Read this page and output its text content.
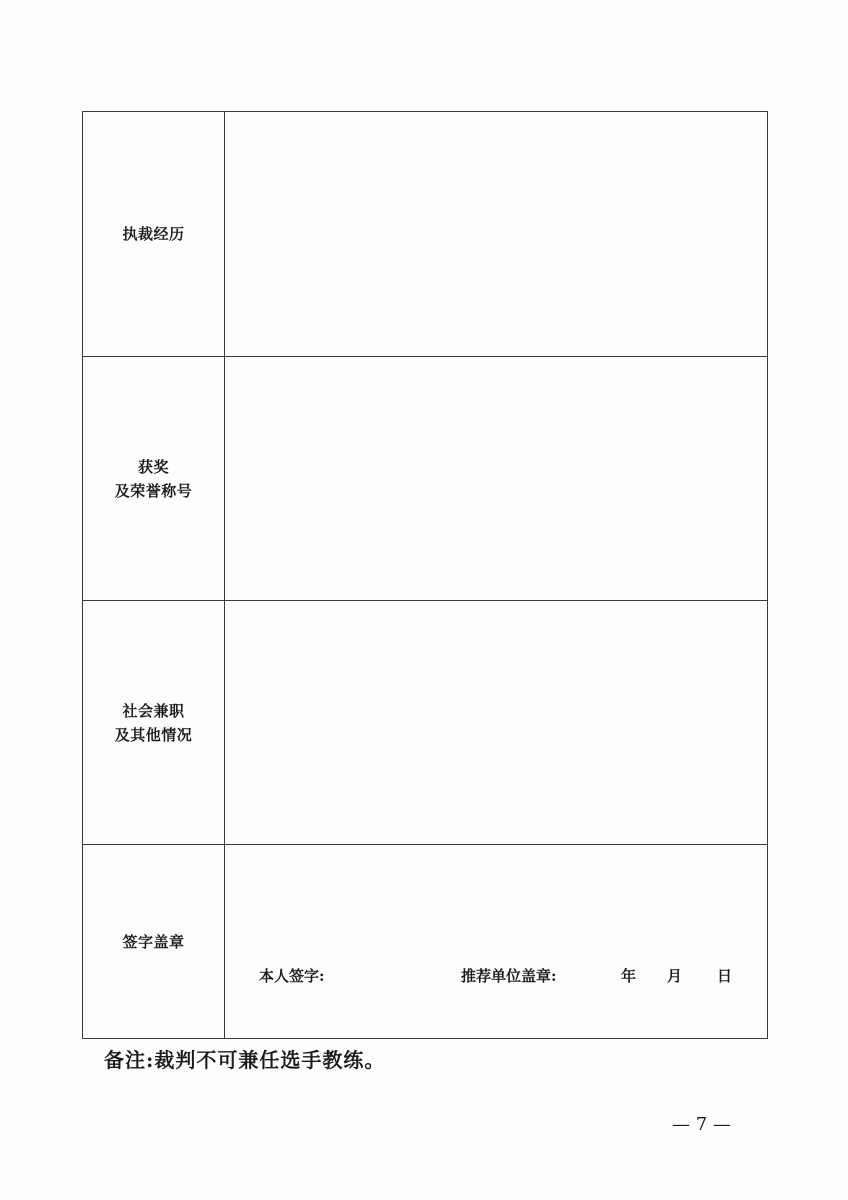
执裁经历
获奖
及荣誉称号
社会兼职
及其他情况
签字盖章
本人签字:	推荐单位盖章:	年 月 日
备注:裁判不可兼任选手教练。
— 7 —
